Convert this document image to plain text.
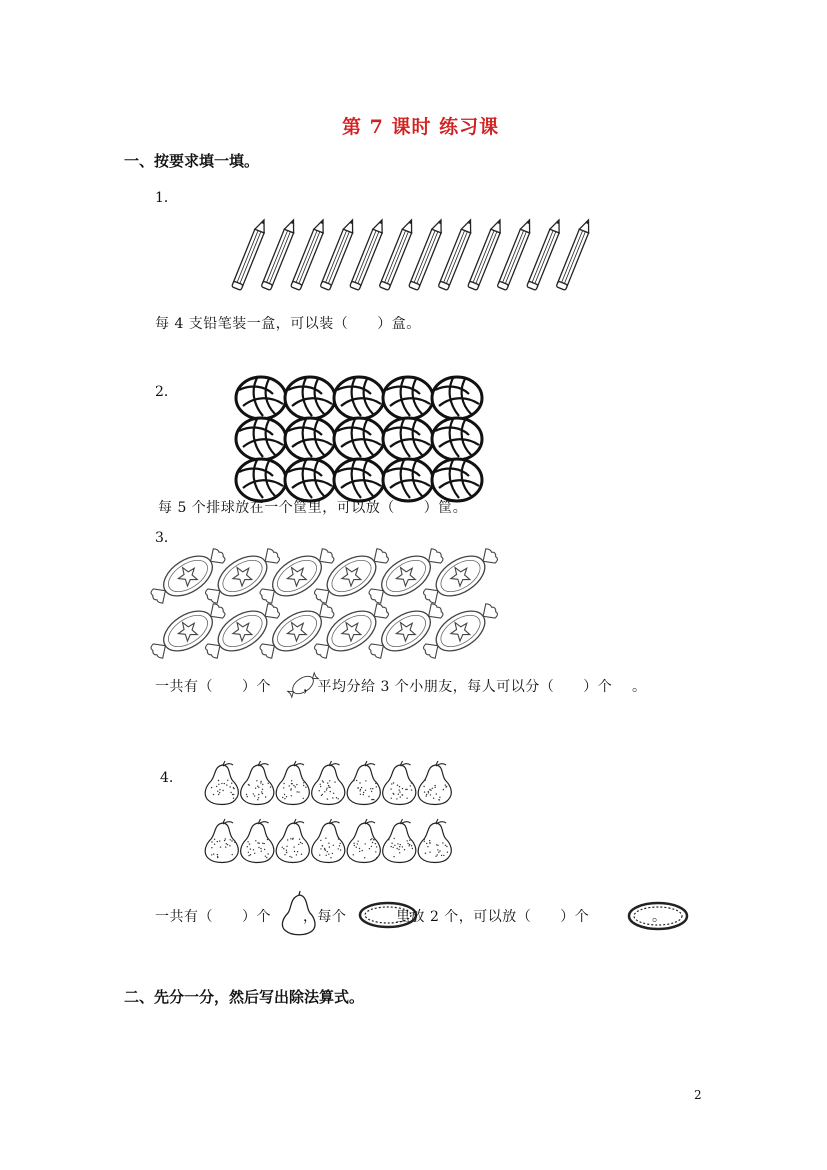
第 7 课时 练习课
一、按要求填一填。
1．
每 4 支铅笔装一盒，可以装（　　）盒。
2．
每 5 个排球放在一个筐里，可以放（　　）筐。
3．
一共有（　　）个 ，平均分给 3 个小朋友，每人可以分（　　）个 。
4.
一共有（　　）个 ，每个	里放 2 个，可以放（　　）个	。
二、先分一分，然后写出除法算式。
2
